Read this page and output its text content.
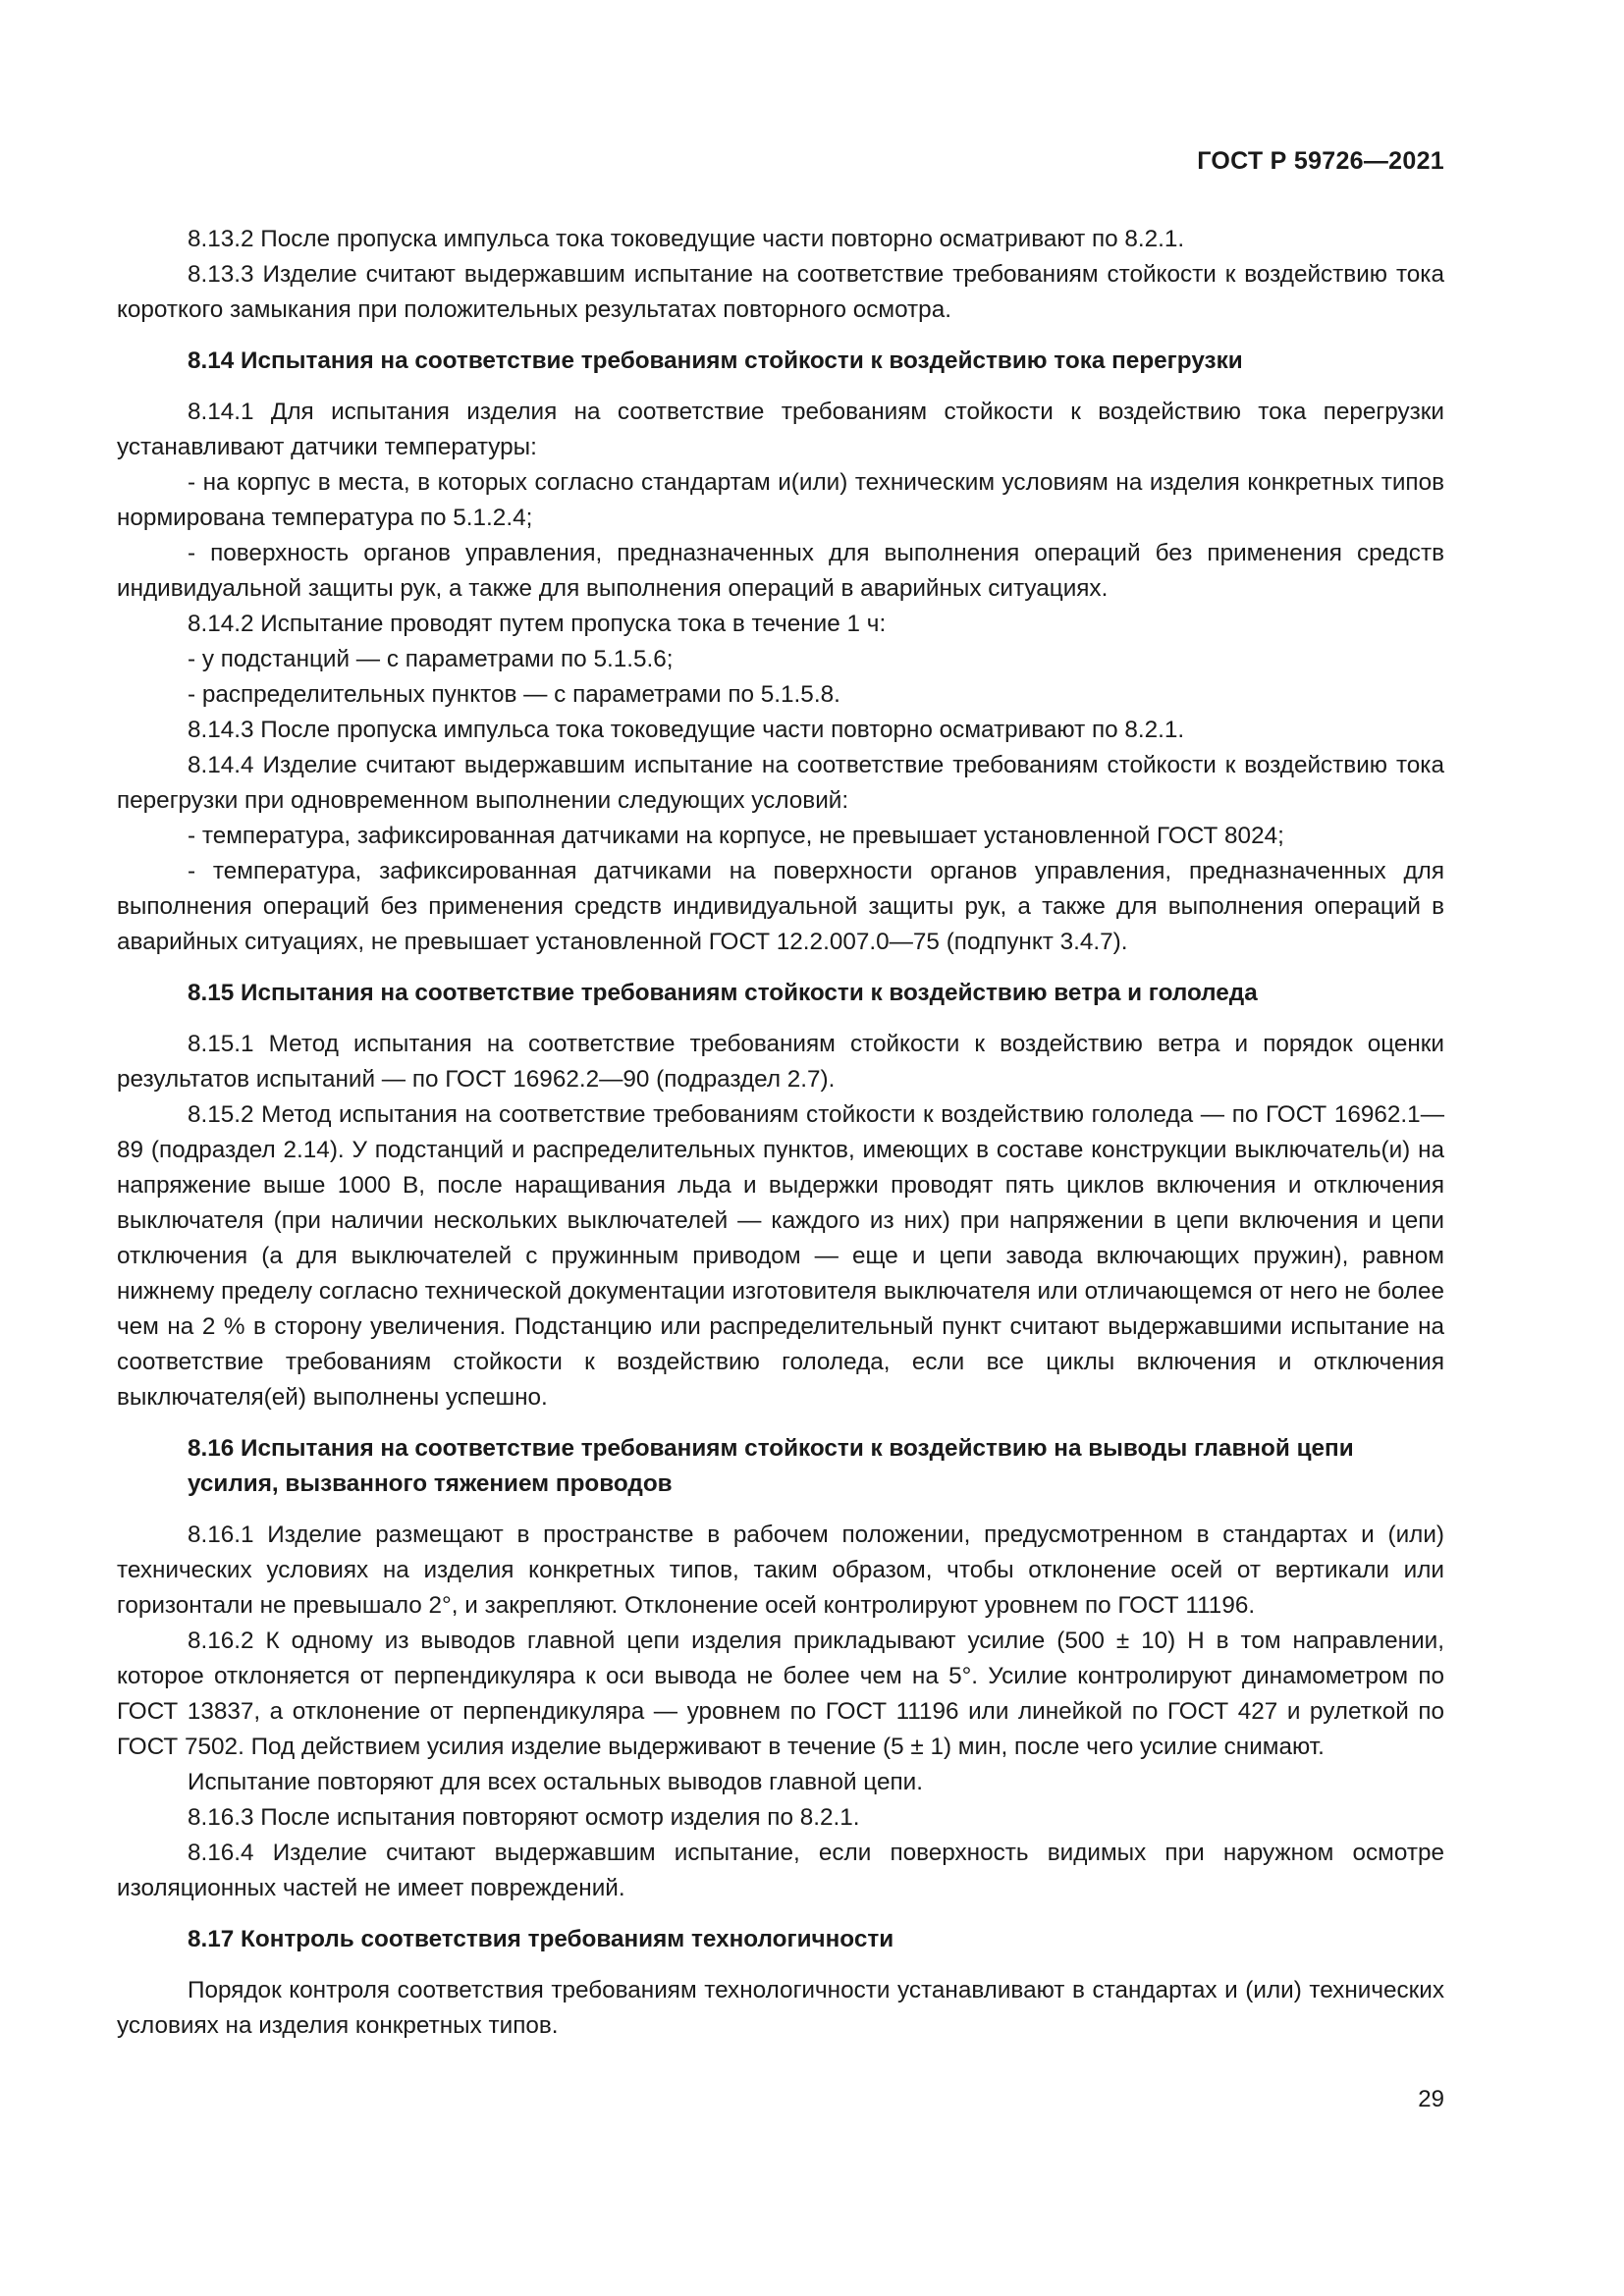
ГОСТ Р 59726—2021

8.13.2 После пропуска импульса тока токоведущие части повторно осматривают по 8.2.1.

8.13.3 Изделие считают выдержавшим испытание на соответствие требованиям стойкости к воздействию тока короткого замыкания при положительных результатах повторного осмотра.

8.14 Испытания на соответствие требованиям стойкости к воздействию тока перегрузки

8.14.1 Для испытания изделия на соответствие требованиям стойкости к воздействию тока перегрузки устанавливают датчики температуры:

- на корпус в места, в которых согласно стандартам и(или) техническим условиям на изделия конкретных типов нормирована температура по 5.1.2.4;

- поверхность органов управления, предназначенных для выполнения операций без применения средств индивидуальной защиты рук, а также для выполнения операций в аварийных ситуациях.

8.14.2 Испытание проводят путем пропуска тока в течение 1 ч:

- у подстанций — с параметрами по 5.1.5.6;

- распределительных пунктов — с параметрами по 5.1.5.8.

8.14.3 После пропуска импульса тока токоведущие части повторно осматривают по 8.2.1.

8.14.4 Изделие считают выдержавшим испытание на соответствие требованиям стойкости к воздействию тока перегрузки при одновременном выполнении следующих условий:

- температура, зафиксированная датчиками на корпусе, не превышает установленной ГОСТ 8024;

- температура, зафиксированная датчиками на поверхности органов управления, предназначенных для выполнения операций без применения средств индивидуальной защиты рук, а также для выполнения операций в аварийных ситуациях, не превышает установленной ГОСТ 12.2.007.0—75 (подпункт 3.4.7).

8.15 Испытания на соответствие требованиям стойкости к воздействию ветра и гололеда

8.15.1 Метод испытания на соответствие требованиям стойкости к воздействию ветра и порядок оценки результатов испытаний — по ГОСТ 16962.2—90 (подраздел 2.7).

8.15.2 Метод испытания на соответствие требованиям стойкости к воздействию гололеда — по ГОСТ 16962.1—89 (подраздел 2.14). У подстанций и распределительных пунктов, имеющих в составе конструкции выключатель(и) на напряжение выше 1000 В, после наращивания льда и выдержки проводят пять циклов включения и отключения выключателя (при наличии нескольких выключателей — каждого из них) при напряжении в цепи включения и цепи отключения (а для выключателей с пружинным приводом — еще и цепи завода включающих пружин), равном нижнему пределу согласно технической документации изготовителя выключателя или отличающемся от него не более чем на 2 % в сторону увеличения. Подстанцию или распределительный пункт считают выдержавшими испытание на соответствие требованиям стойкости к воздействию гололеда, если все циклы включения и отключения выключателя(ей) выполнены успешно.

8.16 Испытания на соответствие требованиям стойкости к воздействию на выводы главной цепи усилия, вызванного тяжением проводов

8.16.1 Изделие размещают в пространстве в рабочем положении, предусмотренном в стандартах и (или) технических условиях на изделия конкретных типов, таким образом, чтобы отклонение осей от вертикали или горизонтали не превышало 2°, и закрепляют. Отклонение осей контролируют уровнем по ГОСТ 11196.

8.16.2 К одному из выводов главной цепи изделия прикладывают усилие (500 ± 10) Н в том направлении, которое отклоняется от перпендикуляра к оси вывода не более чем на 5°. Усилие контролируют динамометром по ГОСТ 13837, а отклонение от перпендикуляра — уровнем по ГОСТ 11196 или линейкой по ГОСТ 427 и рулеткой по ГОСТ 7502. Под действием усилия изделие выдерживают в течение (5 ± 1) мин, после чего усилие снимают.

Испытание повторяют для всех остальных выводов главной цепи.

8.16.3 После испытания повторяют осмотр изделия по 8.2.1.

8.16.4 Изделие считают выдержавшим испытание, если поверхность видимых при наружном осмотре изоляционных частей не имеет повреждений.

8.17 Контроль соответствия требованиям технологичности

Порядок контроля соответствия требованиям технологичности устанавливают в стандартах и (или) технических условиях на изделия конкретных типов.

29
